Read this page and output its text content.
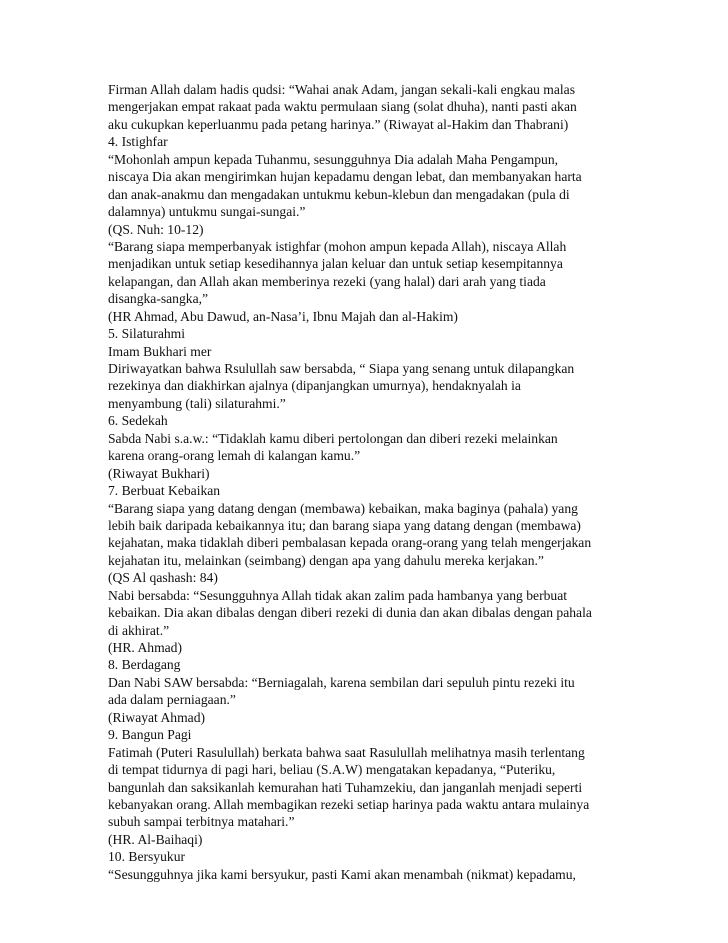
Firman Allah dalam hadis qudsi: “Wahai anak Adam, jangan sekali-kali engkau malas
mengerjakan empat rakaat pada waktu permulaan siang (solat dhuha), nanti pasti akan
aku cukupkan keperluanmu pada petang harinya.” (Riwayat al-Hakim dan Thabrani)
4. Istighfar
“Mohonlah ampun kepada Tuhanmu, sesungguhnya Dia adalah Maha Pengampun,
niscaya Dia akan mengirimkan hujan kepadamu dengan lebat, dan membanyakan harta
dan anak-anakmu dan mengadakan untukmu kebun-klebun dan mengadakan (pula di
dalamnya) untukmu sungai-sungai.”
(QS. Nuh: 10-12)
“Barang siapa memperbanyak istighfar (mohon ampun kepada Allah), niscaya Allah
menjadikan untuk setiap kesedihannya jalan keluar dan untuk setiap kesempitannya
kelapangan, dan Allah akan memberinya rezeki (yang halal) dari arah yang tiada
disangka-sangka,”
(HR Ahmad, Abu Dawud, an-Nasa’i, Ibnu Majah dan al-Hakim)
5. Silaturahmi
Imam Bukhari mer
Diriwayatkan bahwa Rsulullah saw bersabda, “ Siapa yang senang untuk dilapangkan
rezekinya dan diakhirkan ajalnya (dipanjangkan umurnya), hendaknyalah ia
menyambung (tali) silaturahmi.”
6. Sedekah
Sabda Nabi s.a.w.: “Tidaklah kamu diberi pertolongan dan diberi rezeki melainkan
karena orang-orang lemah di kalangan kamu.”
(Riwayat Bukhari)
7. Berbuat Kebaikan
“Barang siapa yang datang dengan (membawa) kebaikan, maka baginya (pahala) yang
lebih baik daripada kebaikannya itu; dan barang siapa yang datang dengan (membawa)
kejahatan, maka tidaklah diberi pembalasan kepada orang-orang yang telah mengerjakan
kejahatan itu, melainkan (seimbang) dengan apa yang dahulu mereka kerjakan.”
(QS Al qashash: 84)
Nabi bersabda: “Sesungguhnya Allah tidak akan zalim pada hambanya yang berbuat
kebaikan. Dia akan dibalas dengan diberi rezeki di dunia dan akan dibalas dengan pahala
di akhirat.”
(HR. Ahmad)
8. Berdagang
Dan Nabi SAW bersabda: “Berniagalah, karena sembilan dari sepuluh pintu rezeki itu
ada dalam perniagaan.”
(Riwayat Ahmad)
9. Bangun Pagi
Fatimah (Puteri Rasulullah) berkata bahwa saat Rasulullah melihatnya masih terlentang
di tempat tidurnya di pagi hari, beliau (S.A.W) mengatakan kepadanya, “Puteriku,
bangunlah dan saksikanlah kemurahan hati Tuhamzekiu, dan janganlah menjadi seperti
kebanyakan orang. Allah membagikan rezeki setiap harinya pada waktu antara mulainya
subuh sampai terbitnya matahari.”
(HR. Al-Baihaqi)
10. Bersyukur
“Sesungguhnya jika kami bersyukur, pasti Kami akan menambah (nikmat) kepadamu,
